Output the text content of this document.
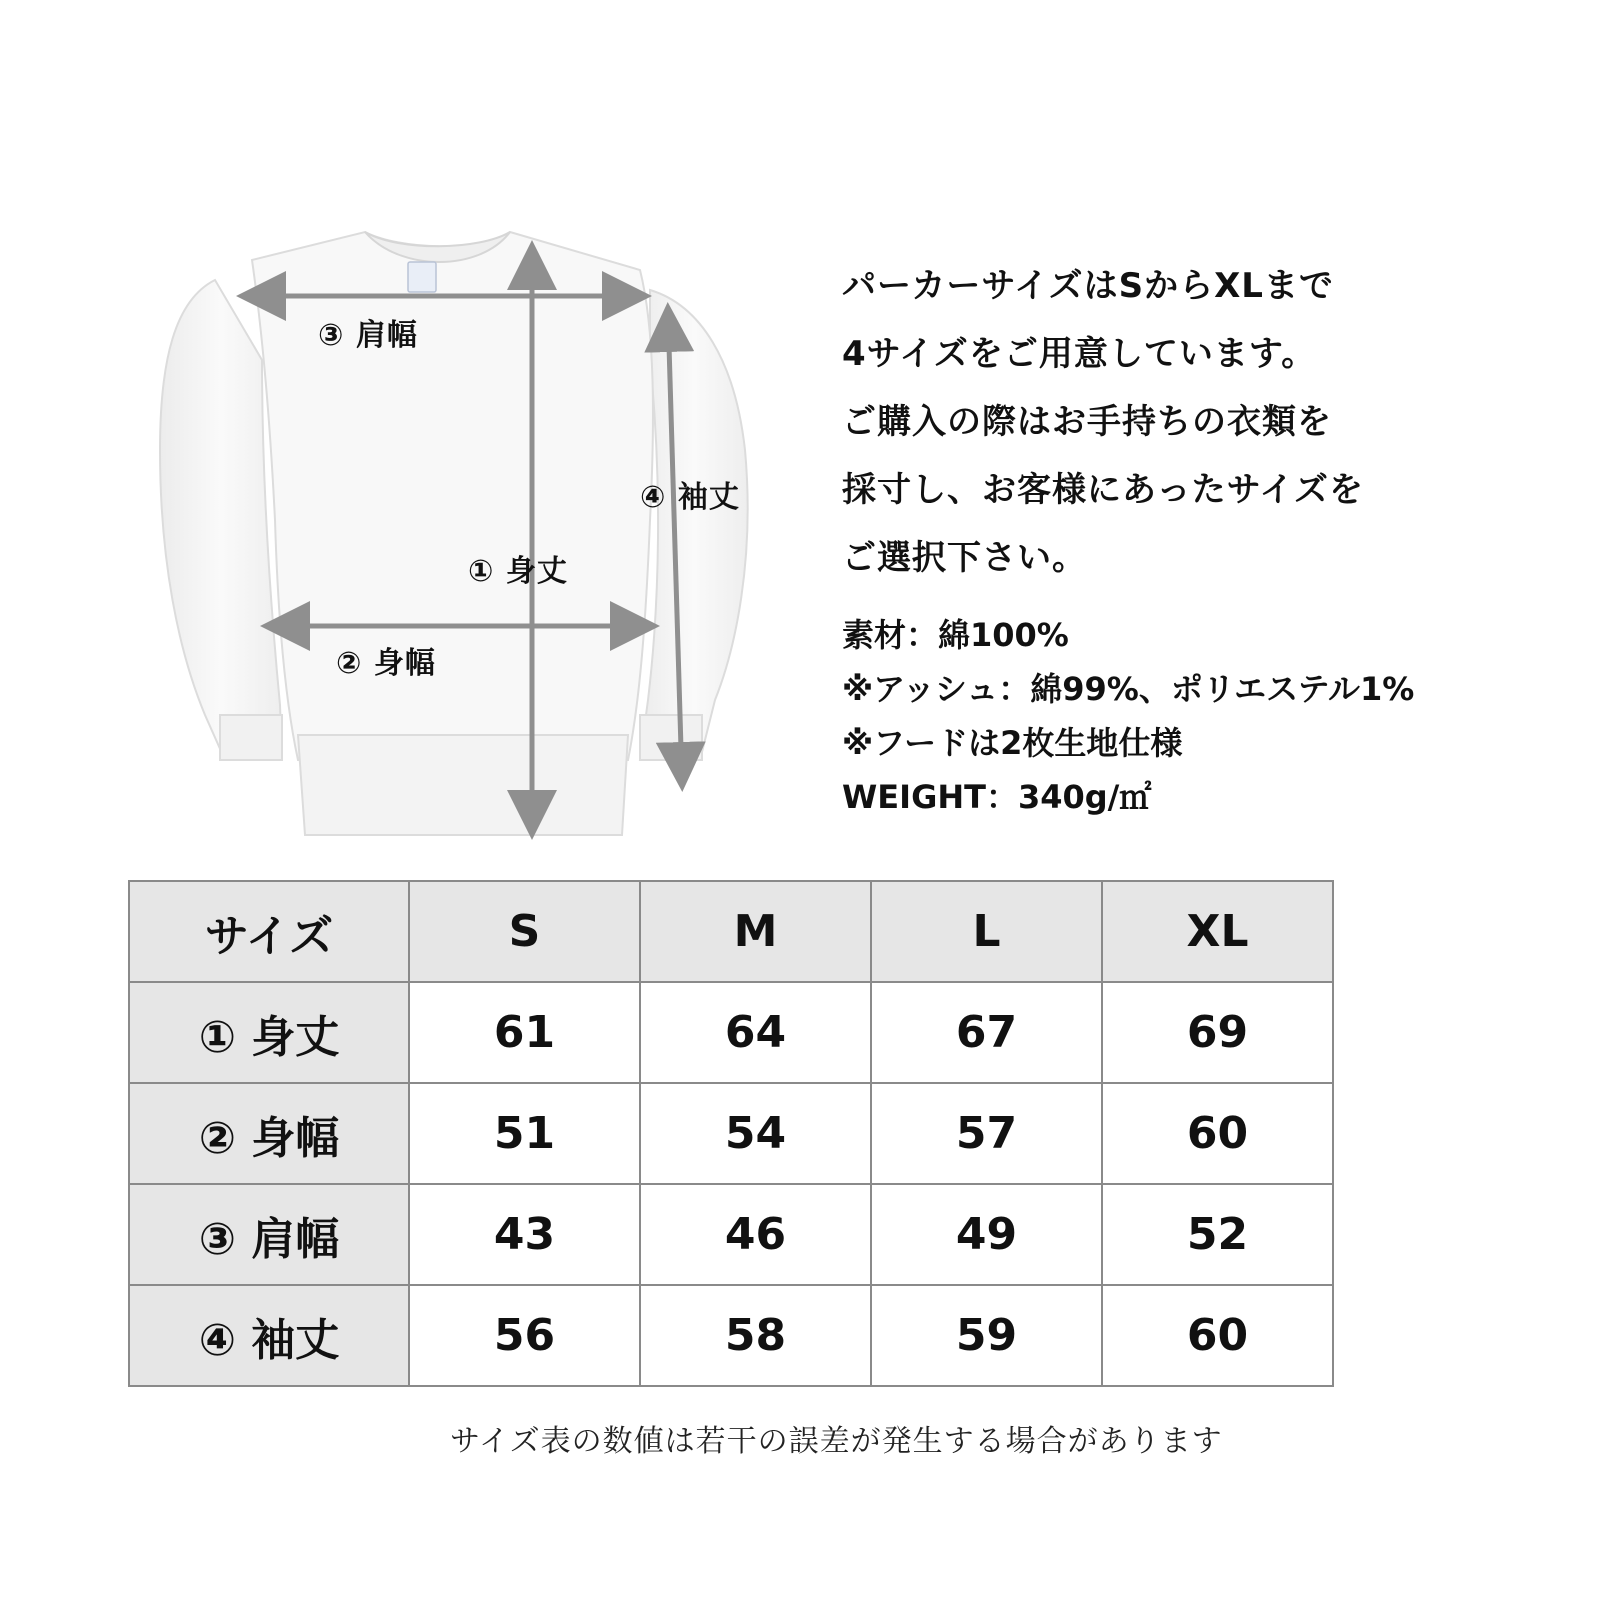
③ 肩幅
④ 袖丈
① 身丈
② 身幅
パーカーサイズはSからXLまで
4サイズをご用意しています。
ご購入の際はお手持ちの衣類を
採寸し、お客様にあったサイズを
ご選択下さい。
素材：綿100%
※アッシュ：綿99%、ポリエステル1%
※フードは2枚生地仕様
WEIGHT：340g/㎡
サイズ	S	M	L	XL
① 身丈	61	64	67	69
② 身幅	51	54	57	60
③ 肩幅	43	46	49	52
④ 袖丈	56	58	59	60
サイズ表の数値は若干の誤差が発生する場合があります
